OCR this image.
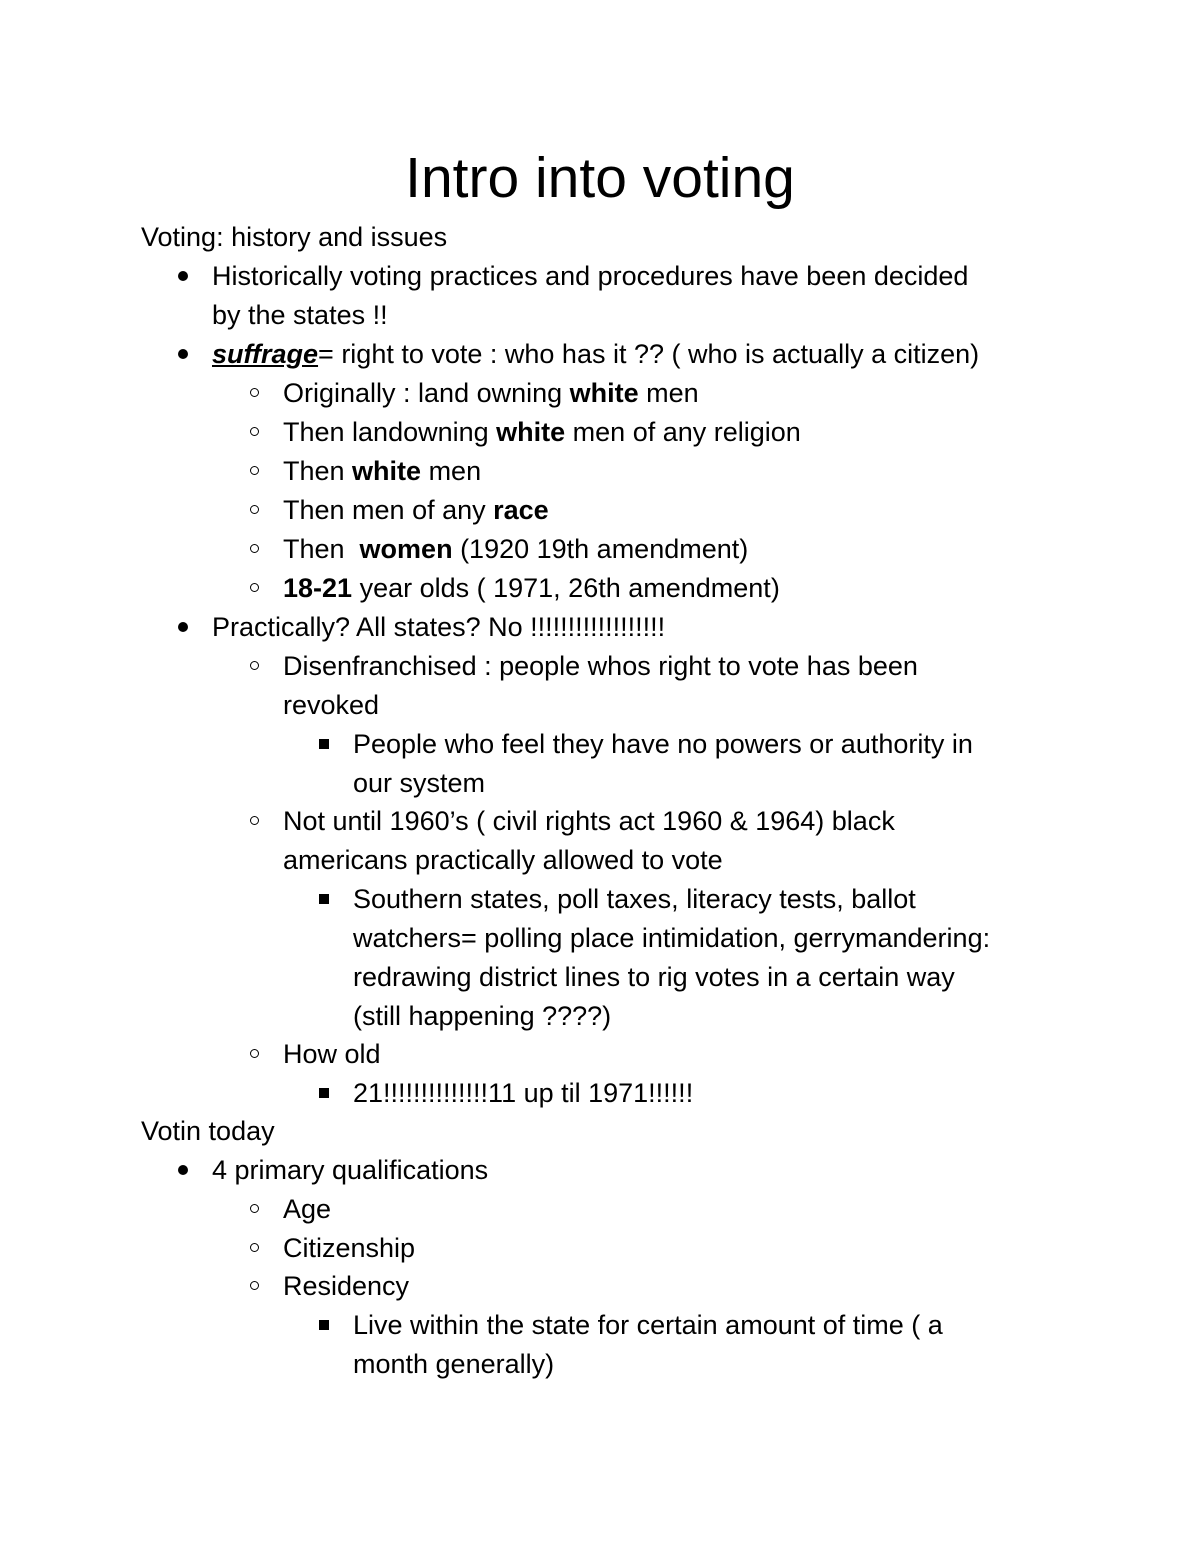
Intro into voting

Voting: history and issues

Historically voting practices and procedures have been decided
by the states !!
suffrage= right to vote : who has it ?? ( who is actually a citizen)
Originally : land owning white men
Then landowning white men of any religion
Then white men
Then men of any race
Then  women (1920 19th amendment)
18-21 year olds ( 1971, 26th amendment)
Practically? All states? No !!!!!!!!!!!!!!!!!!
Disenfranchised : people whos right to vote has been
revoked
People who feel they have no powers or authority in
our system
Not until 1960’s ( civil rights act 1960 & 1964) black
americans practically allowed to vote
Southern states, poll taxes, literacy tests, ballot
watchers= polling place intimidation, gerrymandering:
redrawing district lines to rig votes in a certain way
(still happening ????)
How old
21!!!!!!!!!!!!!!11 up til 1971!!!!!!

Votin today

4 primary qualifications
Age
Citizenship
Residency
Live within the state for certain amount of time ( a
month generally)
